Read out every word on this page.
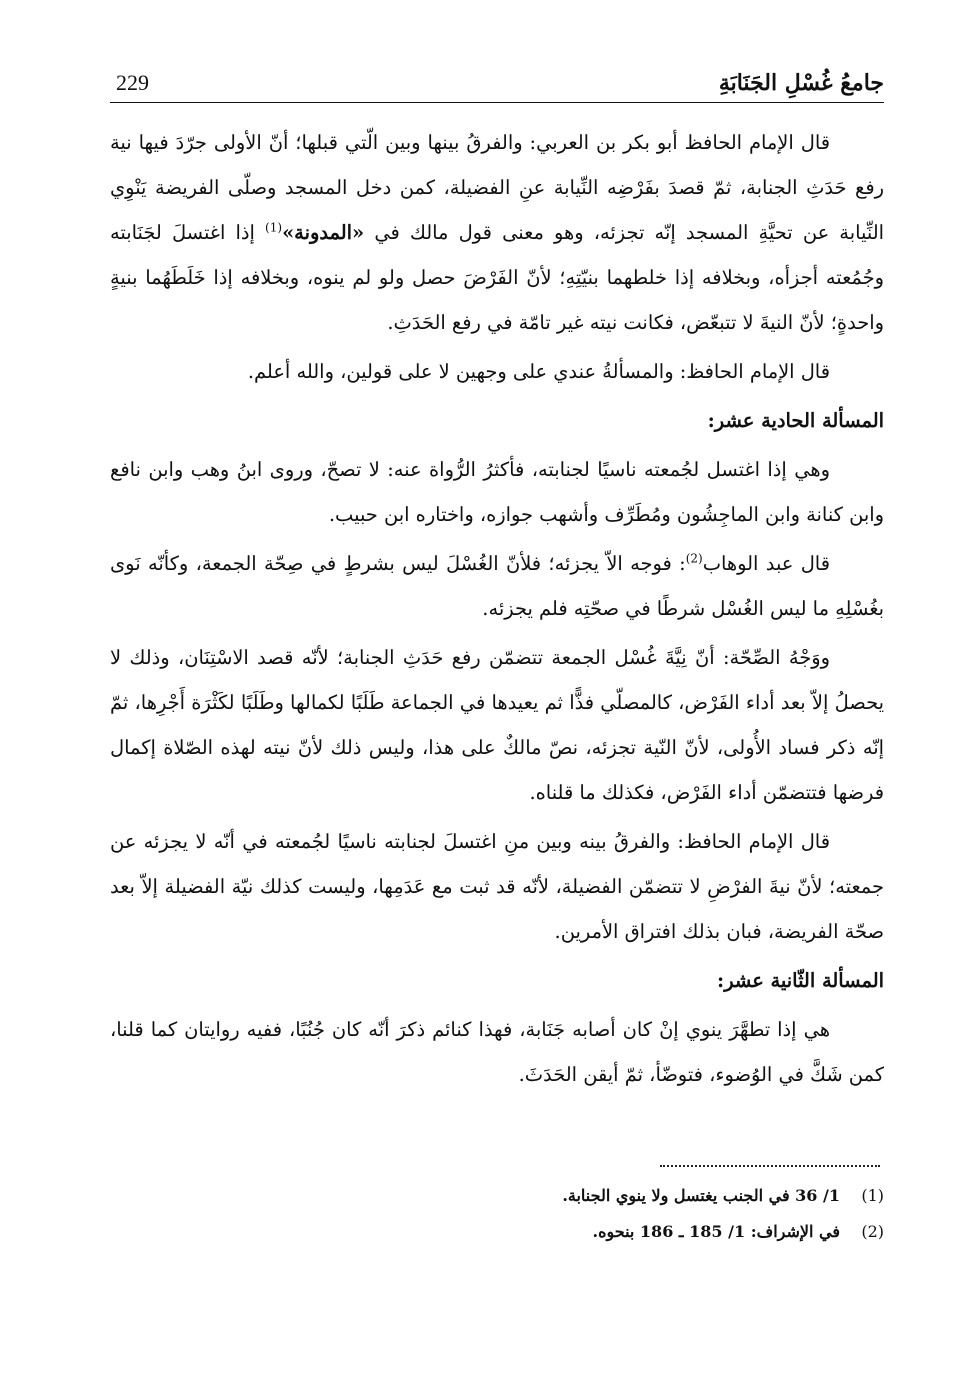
229	جامعُ غُسْلِ الجَنَابَةِ

قال الإمام الحافظ أبو بكر بن العربي: والفرقُ بينها وبين الّتي قبلها؛ أنّ الأولى جرّدَ فيها نية رفع حَدَثِ الجنابة، ثمّ قصدَ بفَرْضِه النِّيابة عنِ الفضيلة، كمن دخل المسجد وصلّى الفريضة يَنْوِي النِّيابة عن تحيَّةِ المسجد إنّه تجزئه، وهو معنى قول مالك في «المدونة»$^{(1)}$ إذا اغتسلَ لجَنَابته وجُمُعته أجزأه، وبخلافه إذا خلطهما بنيّتِهِ؛ لأنّ الفَرْضَ حصل ولو لم ينوه، وبخلافه إذا خَلَطَهُما بنيةٍ واحدةٍ؛ لأنّ النيةَ لا تتبعّض، فكانت نيته غير تامّة في رفع الحَدَثِ.

قال الإمام الحافظ: والمسألةُ عندي على وجهين لا على قولين، والله أعلم.

المسألة الحادية عشر:

وهي إذا اغتسل لجُمعته ناسيًا لجنابته، فأكثرُ الرُّواة عنه: لا تصحّ، وروى ابنُ وهب وابن نافع وابن كنانة وابن الماجِشُون ومُطَرِّف وأشهب جوازه، واختاره ابن حبيب.

قال عبد الوهاب$^{(2)}$: فوجه الاّ يجزئه؛ فلأنّ الغُسْلَ ليس بشرطٍ في صِحّة الجمعة، وكأنّه نَوى بغُسْلِهِ ما ليس الغُسْل شرطًا في صحّتِه فلم يجزئه.

ووَجْهُ الصِّحّة: أنّ نِيَّةَ غُسْل الجمعة تتضمّن رفع حَدَثِ الجنابة؛ لأنّه قصد الاسْتِنَان، وذلك لا يحصلُ إلاّ بعد أداء الفَرْض، كالمصلّي فذًّا ثم يعيدها في الجماعة طَلَبًا لكمالها وطَلَبًا لكَثْرَة أَجْرِها، ثمّ إنّه ذكر فساد الأُولى، لأنّ النّية تجزئه، نصّ مالكٌ على هذا، وليس ذلك لأنّ نيته لهذه الصّلاة إكمال فرضها فتتضمّن أداء الفَرْض، فكذلك ما قلناه.

قال الإمام الحافظ: والفرقُ بينه وبين منِ اغتسلَ لجنابته ناسيًا لجُمعته في أنّه لا يجزئه عن جمعته؛ لأنّ نيةَ الفرْضِ لا تتضمّن الفضيلة، لأنّه قد ثبت مع عَدَمِها، وليست كذلك نيّة الفضيلة إلاّ بعد صحّة الفريضة، فبان بذلك افتراق الأمرين.

المسألة الثّانية عشر:

هي إذا تطهَّرَ ينوي إنْ كان أصابه جَنَابة، فهذا كنائم ذكرَ أنّه كان جُنُبًا، ففيه روايتان كما قلنا، كمن شَكَّ في الوُضوء، فتوضّأ، ثمّ أيقن الحَدَثَ.

(1)
1/ 36 في الجنب يغتسل ولا ينوي الجنابة.
(2)
في الإشراف: 1/ 185 ـ 186 بنحوه.
